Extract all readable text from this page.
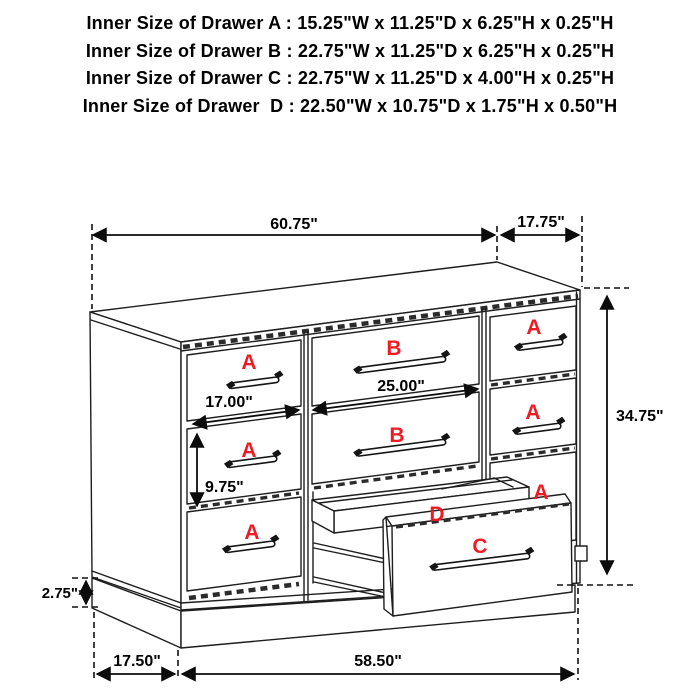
Inner Size of Drawer A : 15.25"W x 11.25"D x 6.25"H x 0.25"H
Inner Size of Drawer B : 22.75"W x 11.25"D x 6.25"H x 0.25"H
Inner Size of Drawer C : 22.75"W x 11.25"D x 4.00"H x 0.25"H
Inner Size of Drawer  D : 22.50"W x 10.75"D x 1.75"H x 0.50"H
A
A
A
B
B
A
A
A
D
C
60.75"	17.75"
34.75"
17.00"
25.00"
9.75"
2.75"
17.50"	58.50"
